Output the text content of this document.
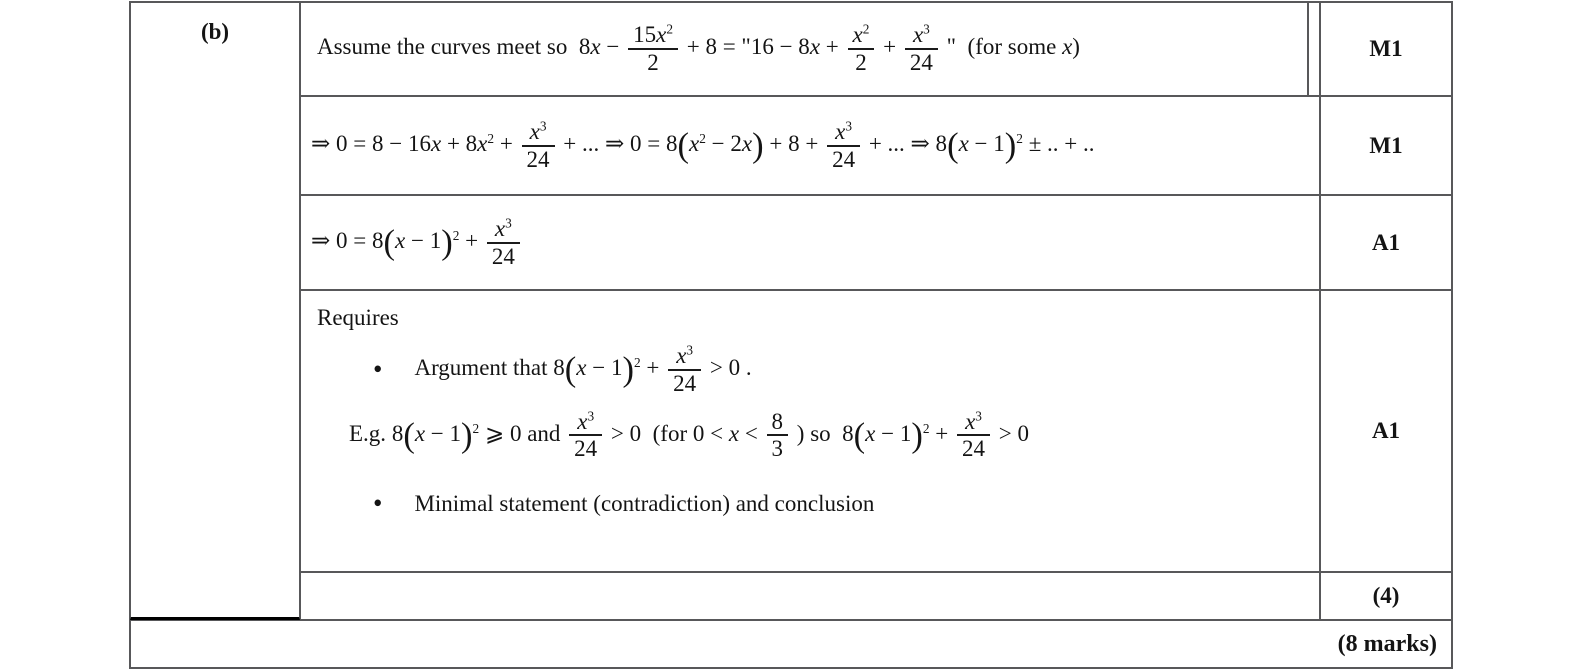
(b)
Assume the curves meet so  $8x - \frac{15x^2}{2} + 8$ = "$16 - 8x + \frac{x^2}{2} + \frac{x^3}{24}$ "  (for some x)
⇒ $0 = 8 - 16x + 8x^2 + \frac{x^3}{24}$ + ... ⇒ $0 = 8(x^2 - 2x) + 8 + \frac{x^3}{24}$ + ... ⇒ $8(x - 1)^2$ ± .. + ..
⇒ $0 = 8(x - 1)^2 + \frac{x^3}{24}$
Requires
• Argument that $8(x - 1)^2 + \frac{x^3}{24} > 0$ .
E.g. $8(x - 1)^2$ ⩾ 0 and $\frac{x^3}{24} > 0$  (for $0 < x < \frac{8}{3}$ ) so  $8(x - 1)^2 + \frac{x^3}{24} > 0$
• Minimal statement (contradiction) and conclusion
M1
M1
A1
A1
(4)
(8 marks)
